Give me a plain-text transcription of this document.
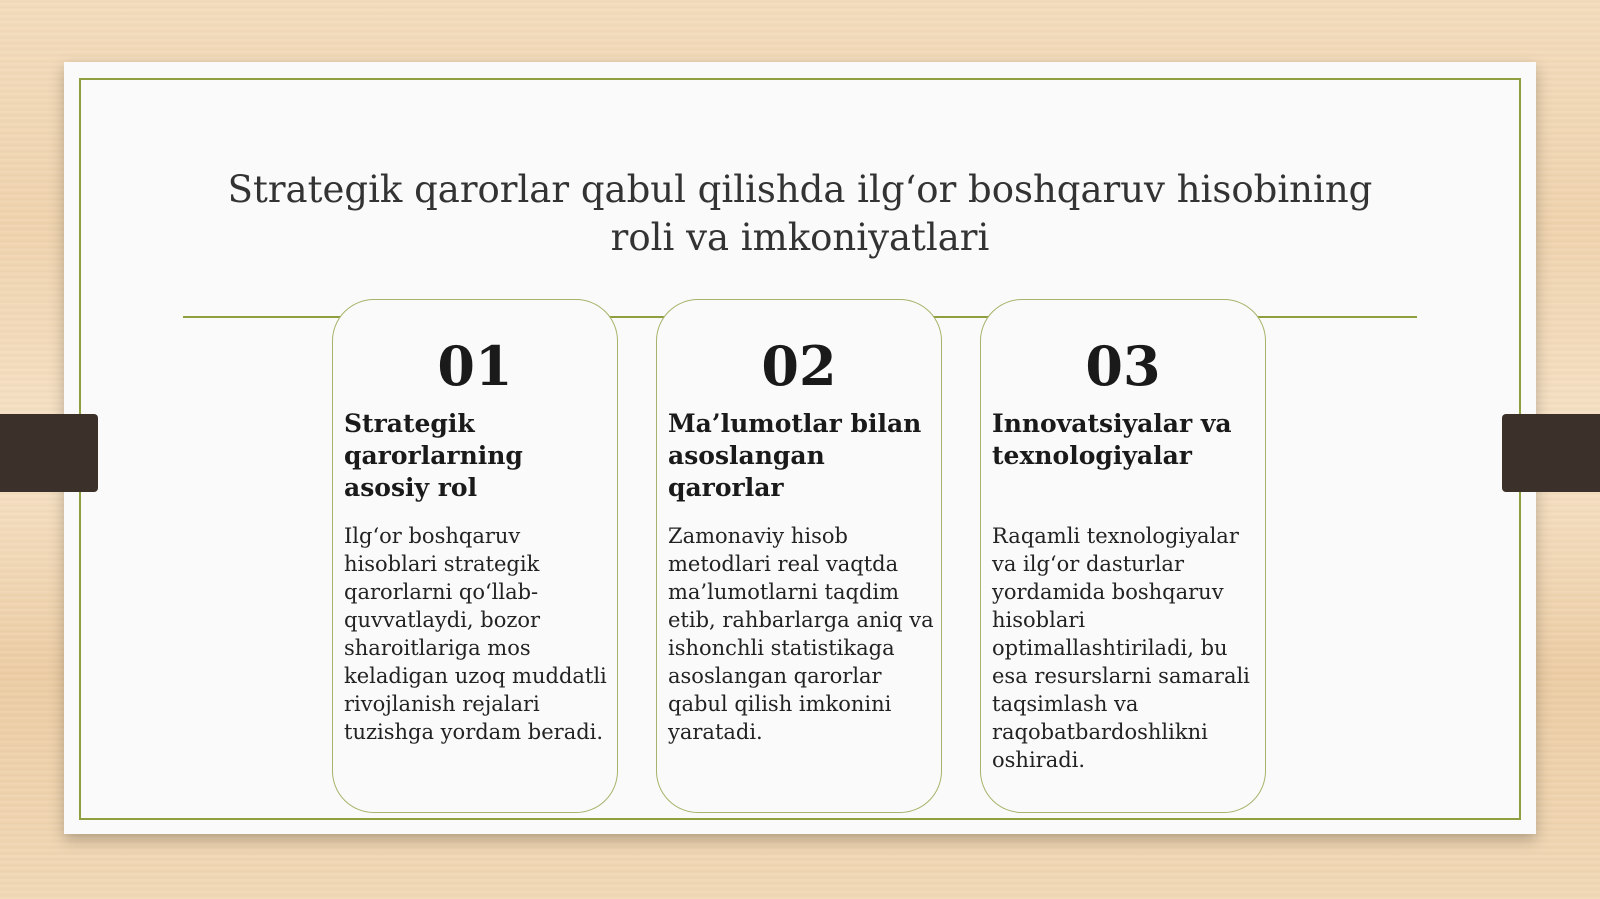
Strategik qarorlar qabul qilishda ilg‘or boshqaruv hisobining
roli va imkoniyatlari
01
Strategik qarorlarning asosiy rol
Ilg‘or boshqaruv hisoblari strategik qarorlarni qo‘llab-quvvatlaydi, bozor sharoitlariga mos keladigan uzoq muddatli rivojlanish rejalari tuzishga yordam beradi.
02
Ma’lumotlar bilan asoslangan qarorlar
Zamonaviy hisob metodlari real vaqtda ma’lumotlarni taqdim etib, rahbarlarga aniq va ishonchli statistikaga asoslangan qarorlar qabul qilish imkonini yaratadi.
03
Innovatsiyalar va texnologiyalar
Raqamli texnologiyalar va ilg‘or dasturlar yordamida boshqaruv hisoblari optimallashtiriladi, bu esa resurslarni samarali taqsimlash va raqobatbardoshlikni oshiradi.
